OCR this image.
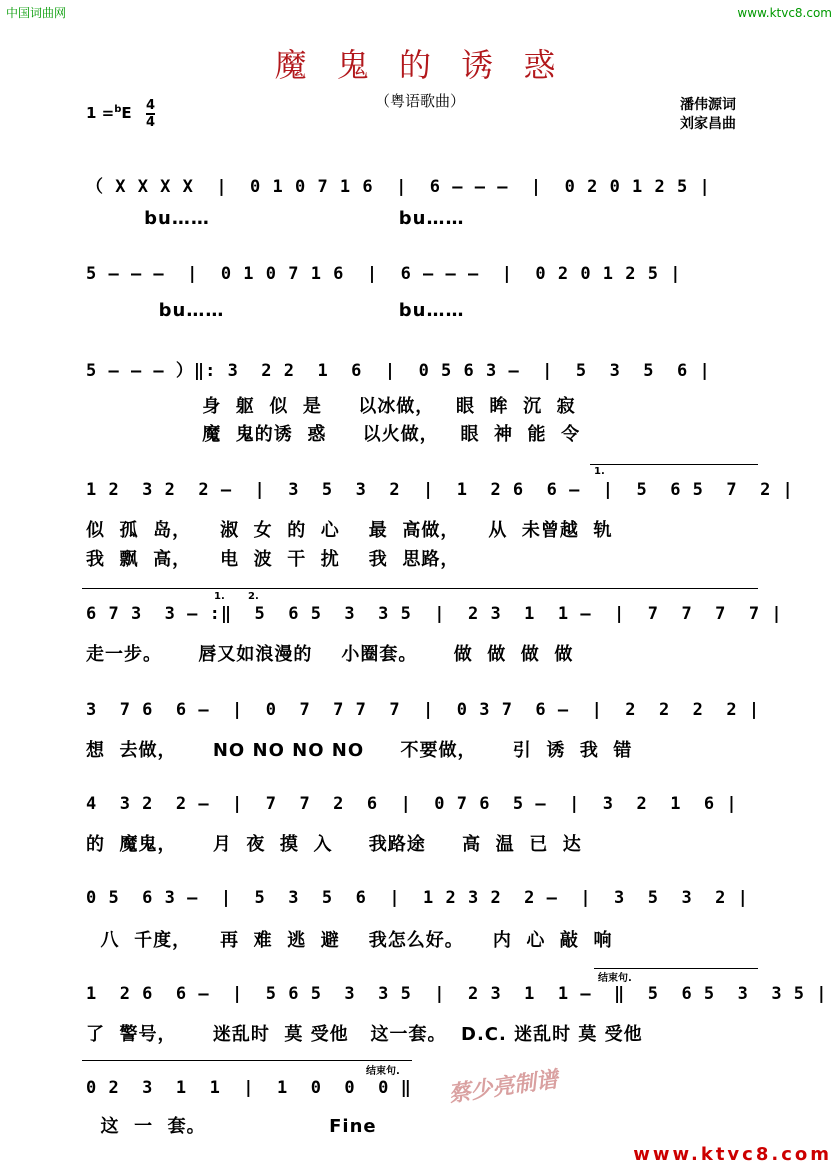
中国词曲网	www.ktvc8.com
魔 鬼 的 诱 惑
（粤语歌曲）
1 =$^b$E 4
4
潘伟源词
刘家昌曲
（ X X X X  |  0 1 0 7 1 6  |  6 – – –  |  0 2 0 1 2 5 |
bu……                          bu……
5 – – –  |  0 1 0 7 1 6  |  6 – – –  |  0 2 0 1 2 5 |
bu……                        bu……
5 – – – ）‖: 3  2 2  1  6  |  0 5 6 3 –  |  5  3  5  6 |
身  躯  似  是     以冰做，   眼  眸  沉  寂
魔  鬼的诱  惑     以火做，   眼  神  能  令
1.
1 2  3 2  2 –  |  3  5  3  2  |  1  2 6  6 –  |  5  6 5  7  2 |
似  孤  岛，    淑  女  的  心    最  高做，    从  未曾越  轨
我  飘  高，    电  波  干  扰    我  思路，
1. 2.
6 7 3  3 – :‖  5  6 5  3  3 5  |  2 3  1  1 –  |  7  7  7  7 |
走一步。     唇又如浪漫的    小圈套。     做  做  做  做
3  7 6  6 –  |  0  7  7 7  7  |  0 3 7  6 –  |  2  2  2  2 |
想  去做，     NO NO NO NO     不要做，     引  诱  我  错
4  3 2  2 –  |  7  7  2  6  |  0 7 6  5 –  |  3  2  1  6 |
的  魔鬼，     月  夜  摸  入     我路途     高  温  已  达
0 5  6 3 –  |  5  3  5  6  |  1 2 3 2  2 –  |  3  5  3  2 |
八  千度，    再  难  逃  避    我怎么好。    内  心  敲  响
结束句.
1  2 6  6 –  |  5 6 5  3  3 5  |  2 3  1  1 –  ‖  5  6 5  3  3 5 |
了  警号，     迷乱时  莫 受他   这一套。  D.C. 迷乱时 莫 受他
结束句.
0 2  3  1  1  |  1  0  0  0 ‖
这  一  套。                 Fine
蔡少亮制谱
www.ktvc8.com
